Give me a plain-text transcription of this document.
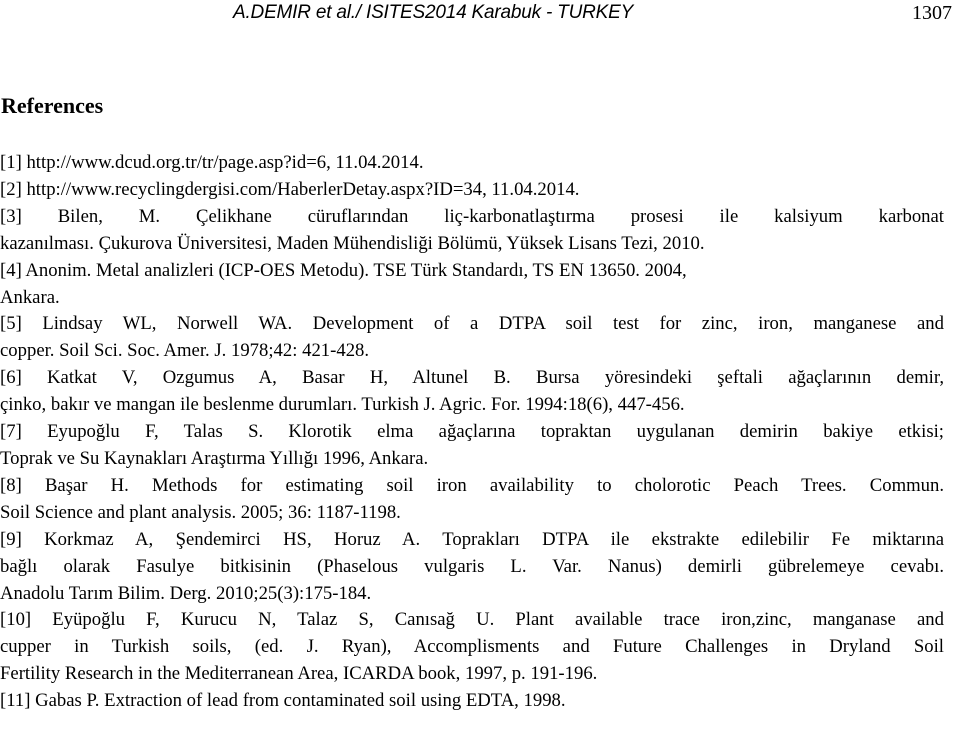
A.DEMIR et al./ ISITES2014 Karabuk - TURKEY	1307
References
[1] http://www.dcud.org.tr/tr/page.asp?id=6, 11.04.2014.
[2] http://www.recyclingdergisi.com/HaberlerDetay.aspx?ID=34, 11.04.2014.
[3] Bilen, M. Çelikhane cüruflarından liç-karbonatlaştırma prosesi ile kalsiyum karbonat
kazanılması. Çukurova Üniversitesi, Maden Mühendisliği Bölümü, Yüksek Lisans Tezi, 2010.
[4] Anonim. Metal analizleri (ICP-OES Metodu). TSE Türk Standardı, TS EN 13650. 2004,
Ankara.
[5] Lindsay WL, Norwell WA. Development of a DTPA soil test for zinc, iron, manganese and
copper. Soil Sci. Soc. Amer. J. 1978;42: 421-428.
[6] Katkat V, Ozgumus A, Basar H, Altunel B. Bursa yöresindeki şeftali ağaçlarının demir,
çinko, bakır ve mangan ile beslenme durumları. Turkish J. Agric. For. 1994:18(6), 447-456.
[7] Eyupoğlu F, Talas S. Klorotik elma ağaçlarına topraktan uygulanan demirin bakiye etkisi;
Toprak ve Su Kaynakları Araştırma Yıllığı 1996, Ankara.
[8] Başar H. Methods for estimating soil iron availability to cholorotic Peach Trees. Commun.
Soil Science and plant analysis. 2005; 36: 1187-1198.
[9] Korkmaz A, Şendemirci HS, Horuz A. Toprakları DTPA ile ekstrakte edilebilir Fe miktarına
bağlı olarak Fasulye bitkisinin (Phaselous vulgaris L. Var. Nanus) demirli gübrelemeye cevabı.
Anadolu Tarım Bilim. Derg. 2010;25(3):175-184.
[10] Eyüpoğlu F, Kurucu N, Talaz S, Canısağ U. Plant available trace iron,zinc, manganase and
cupper in Turkish soils, (ed. J. Ryan), Accomplisments and Future Challenges in Dryland Soil
Fertility Research in the Mediterranean Area, ICARDA book, 1997, p. 191-196.
[11] Gabas P. Extraction of lead from contaminated soil using EDTA, 1998.
